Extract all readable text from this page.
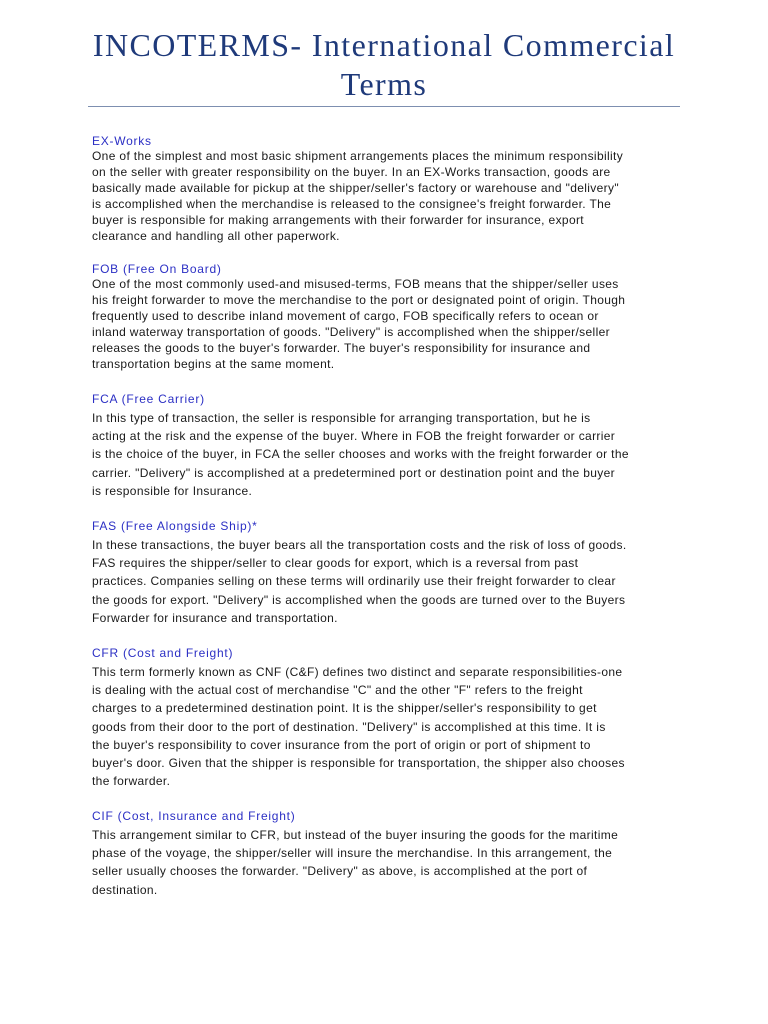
INCOTERMS- International Commercial
Terms
EX-Works

One of the simplest and most basic shipment arrangements places the minimum responsibility
on the seller with greater responsibility on the buyer. In an EX-Works transaction, goods are
basically made available for pickup at the shipper/seller's factory or warehouse and "delivery"
is accomplished when the merchandise is released to the consignee's freight forwarder. The
buyer is responsible for making arrangements with their forwarder for insurance, export
clearance and handling all other paperwork.

FOB (Free On Board)

One of the most commonly used-and misused-terms, FOB means that the shipper/seller uses
his freight forwarder to move the merchandise to the port or designated point of origin. Though
frequently used to describe inland movement of cargo, FOB specifically refers to ocean or
inland waterway transportation of goods. "Delivery" is accomplished when the shipper/seller
releases the goods to the buyer's forwarder. The buyer's responsibility for insurance and
transportation begins at the same moment.

FCA (Free Carrier)

In this type of transaction, the seller is responsible for arranging transportation, but he is
acting at the risk and the expense of the buyer. Where in FOB the freight forwarder or carrier
is the choice of the buyer, in FCA the seller chooses and works with the freight forwarder or the
carrier. "Delivery" is accomplished at a predetermined port or destination point and the buyer
is responsible for Insurance.

FAS (Free Alongside Ship)*

In these transactions, the buyer bears all the transportation costs and the risk of loss of goods.
FAS requires the shipper/seller to clear goods for export, which is a reversal from past
practices. Companies selling on these terms will ordinarily use their freight forwarder to clear
the goods for export. "Delivery" is accomplished when the goods are turned over to the Buyers
Forwarder for insurance and transportation.

CFR (Cost and Freight)

This term formerly known as CNF (C&F) defines two distinct and separate responsibilities-one
is dealing with the actual cost of merchandise "C" and the other "F" refers to the freight
charges to a predetermined destination point. It is the shipper/seller's responsibility to get
goods from their door to the port of destination. "Delivery" is accomplished at this time. It is
the buyer's responsibility to cover insurance from the port of origin or port of shipment to
buyer's door. Given that the shipper is responsible for transportation, the shipper also chooses
the forwarder.

CIF (Cost, Insurance and Freight)

This arrangement similar to CFR, but instead of the buyer insuring the goods for the maritime
phase of the voyage, the shipper/seller will insure the merchandise. In this arrangement, the
seller usually chooses the forwarder. "Delivery" as above, is accomplished at the port of
destination.
